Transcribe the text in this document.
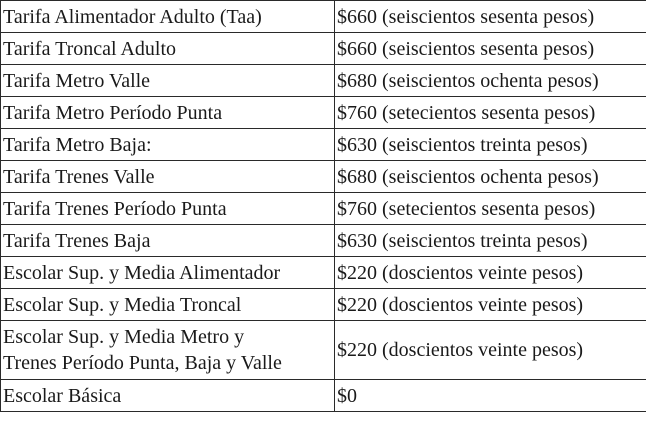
Tarifa Alimentador Adulto (Taa)	$660 (seiscientos sesenta pesos)
Tarifa Troncal Adulto	$660 (seiscientos sesenta pesos)
Tarifa Metro Valle	$680 (seiscientos ochenta pesos)
Tarifa Metro Período Punta	$760 (setecientos sesenta pesos)
Tarifa Metro Baja:	$630 (seiscientos treinta pesos)
Tarifa Trenes Valle	$680 (seiscientos ochenta pesos)
Tarifa Trenes Período Punta	$760 (setecientos sesenta pesos)
Tarifa Trenes Baja	$630 (seiscientos treinta pesos)
Escolar Sup. y Media Alimentador	$220 (doscientos veinte pesos)
Escolar Sup. y Media Troncal	$220 (doscientos veinte pesos)

Escolar Sup. y Media Metro y
Trenes Período Punta, Baja y Valle	$220 (doscientos veinte pesos)
Escolar Básica	$0
